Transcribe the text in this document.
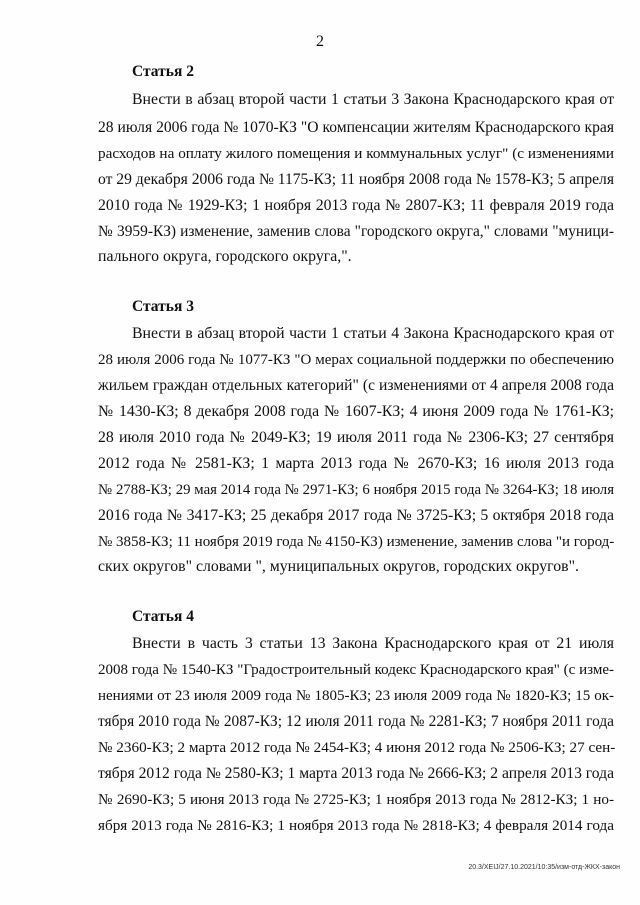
2
Статья 2
Внести в абзац второй части 1 статьи 3 Закона Краснодарского края от
28 июля 2006 года № 1070-КЗ "О компенсации жителям Краснодарского края
расходов на оплату жилого помещения и коммунальных услуг" (с изменениями
от 29 декабря 2006 года № 1175-КЗ; 11 ноября 2008 года № 1578-КЗ; 5 апреля
2010 года № 1929-КЗ; 1 ноября 2013 года № 2807-КЗ; 11 февраля 2019 года
№ 3959-КЗ) изменение, заменив слова "городского округа," словами "муници-
пального округа, городского округа,".
Статья 3
Внести в абзац второй части 1 статьи 4 Закона Краснодарского края от
28 июля 2006 года № 1077-КЗ "О мерах социальной поддержки по обеспечению
жильем граждан отдельных категорий" (с изменениями от 4 апреля 2008 года
№ 1430-КЗ; 8 декабря 2008 года № 1607-КЗ; 4 июня 2009 года № 1761-КЗ;
28 июля 2010 года № 2049-КЗ; 19 июля 2011 года № 2306-КЗ; 27 сентября
2012 года № 2581-КЗ; 1 марта 2013 года № 2670-КЗ; 16 июля 2013 года
№ 2788-КЗ; 29 мая 2014 года № 2971-КЗ; 6 ноября 2015 года № 3264-КЗ; 18 июля
2016 года № 3417-КЗ; 25 декабря 2017 года № 3725-КЗ; 5 октября 2018 года
№ 3858-КЗ; 11 ноября 2019 года № 4150-КЗ) изменение, заменив слова "и город-
ских округов" словами ", муниципальных округов, городских округов".
Статья 4
Внести в часть 3 статьи 13 Закона Краснодарского края от 21 июля
2008 года № 1540-КЗ "Градостроительный кодекс Краснодарского края" (с изме-
нениями от 23 июля 2009 года № 1805-КЗ; 23 июля 2009 года № 1820-КЗ; 15 ок-
тября 2010 года № 2087-КЗ; 12 июля 2011 года № 2281-КЗ; 7 ноября 2011 года
№ 2360-КЗ; 2 марта 2012 года № 2454-КЗ; 4 июня 2012 года № 2506-КЗ; 27 сен-
тября 2012 года № 2580-КЗ; 1 марта 2013 года № 2666-КЗ; 2 апреля 2013 года
№ 2690-КЗ; 5 июня 2013 года № 2725-КЗ; 1 ноября 2013 года № 2812-КЗ; 1 но-
ября 2013 года № 2816-КЗ; 1 ноября 2013 года № 2818-КЗ; 4 февраля 2014 года
20.3/XEIJ/27.10.2021/10:35/изм-отд-ЖКХ-закон
